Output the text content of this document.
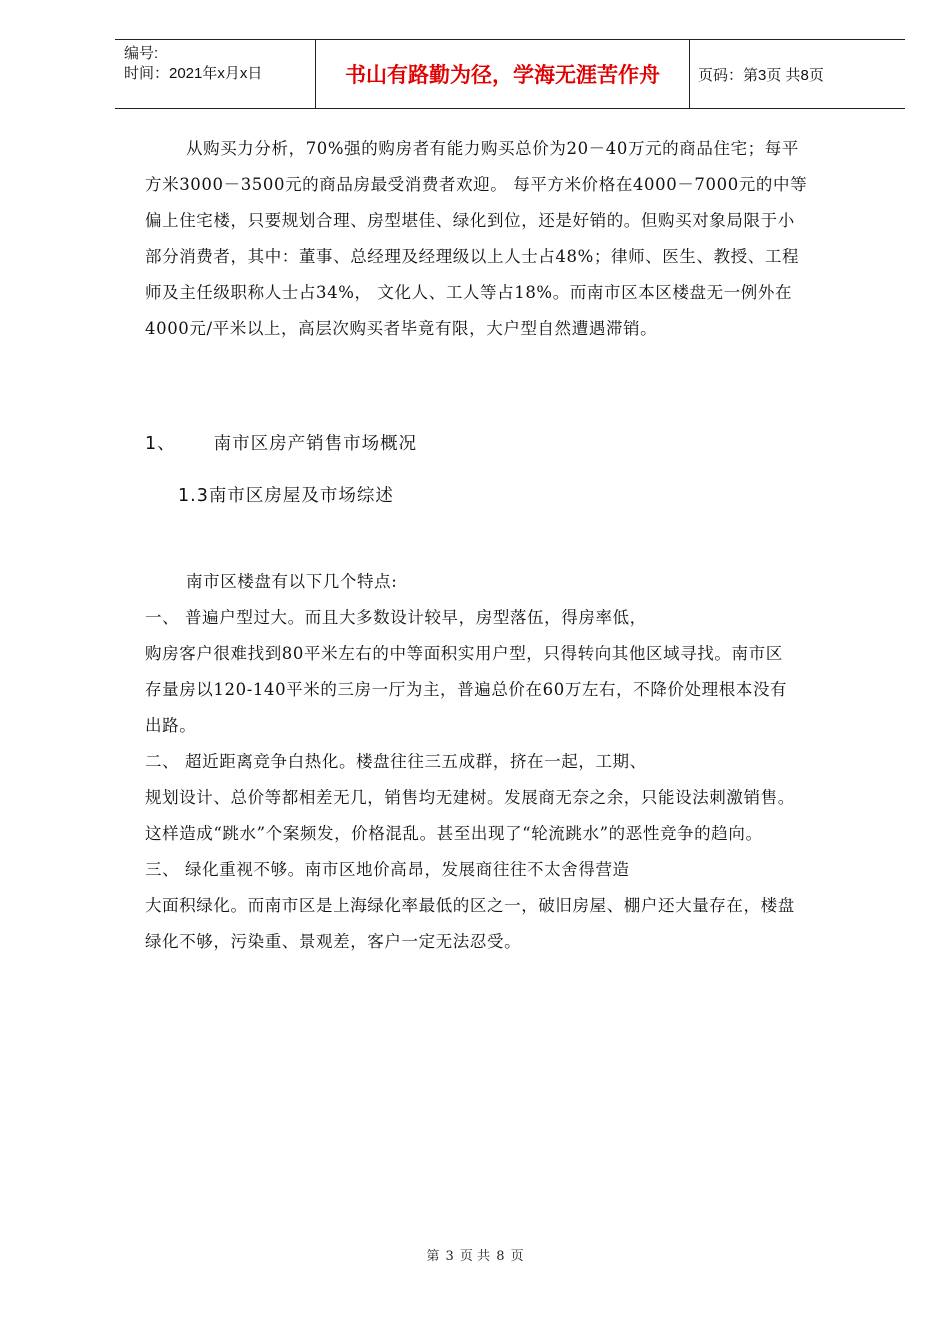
编号:
时间：2021年x月x日	书山有路勤为径，学海无涯苦作舟	页码：第3页 共8页

从购买力分析，70%强的购房者有能力购买总价为20－40万元的商品住宅；每平

方米3000－3500元的商品房最受消费者欢迎。 每平方米价格在4000－7000元的中等

偏上住宅楼，只要规划合理、房型堪佳、绿化到位，还是好销的。但购买对象局限于小

部分消费者，其中：董事、总经理及经理级以上人士占48%；律师、医生、教授、工程

师及主任级职称人士占34%， 文化人、工人等占18%。而南市区本区楼盘无一例外在

4000元/平米以上，高层次购买者毕竟有限，大户型自然遭遇滞销。

1、 南市区房产销售市场概况
1.3南市区房屋及市场综述

南市区楼盘有以下几个特点:

一、 普遍户型过大。而且大多数设计较早，房型落伍，得房率低，

购房客户很难找到80平米左右的中等面积实用户型，只得转向其他区域寻找。南市区

存量房以120-140平米的三房一厅为主，普遍总价在60万左右，不降价处理根本没有

出路。

二、 超近距离竞争白热化。楼盘往往三五成群，挤在一起，工期、

规划设计、总价等都相差无几，销售均无建树。发展商无奈之余，只能设法刺激销售。

这样造成“跳水”个案频发，价格混乱。甚至出现了“轮流跳水”的恶性竞争的趋向。

三、 绿化重视不够。南市区地价高昂，发展商往往不太舍得营造

大面积绿化。而南市区是上海绿化率最低的区之一，破旧房屋、棚户还大量存在，楼盘

绿化不够，污染重、景观差，客户一定无法忍受。

第 3 页 共 8 页
